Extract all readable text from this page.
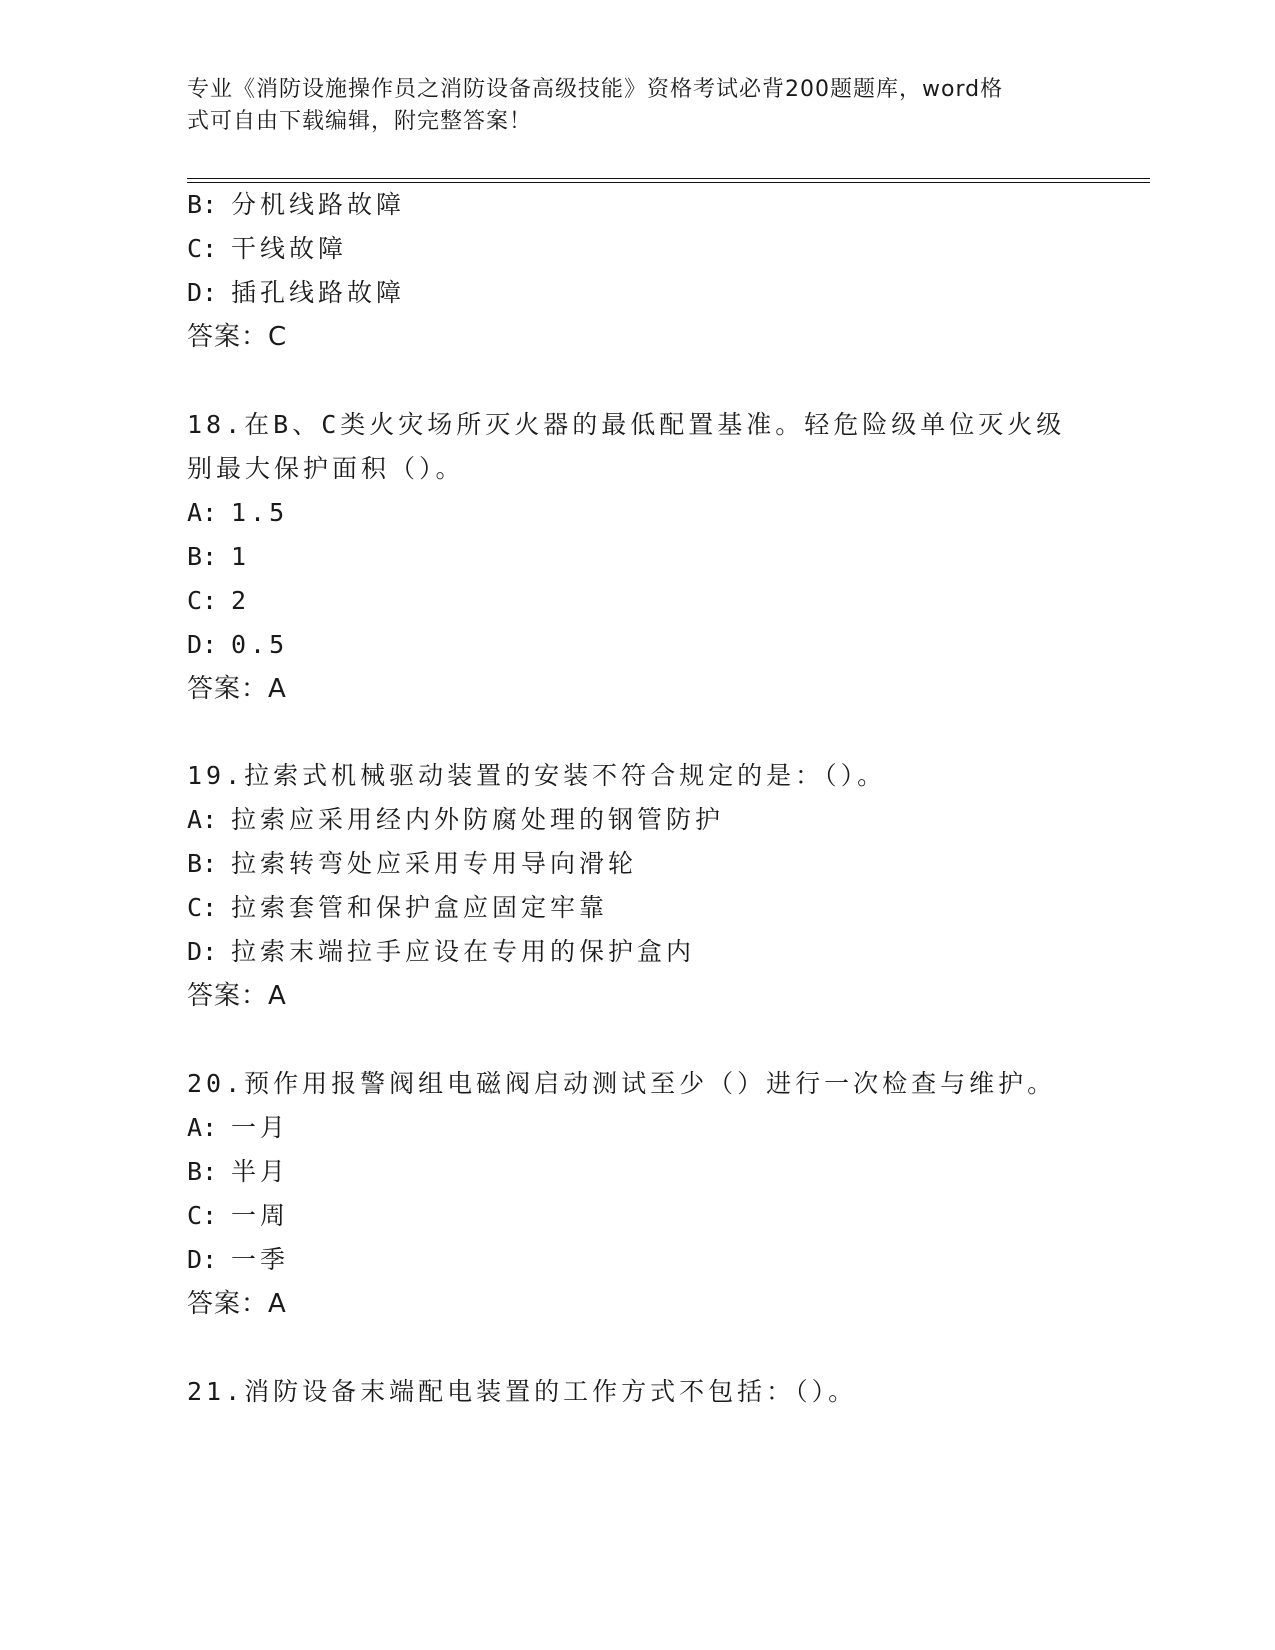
专业《消防设施操作员之消防设备高级技能》资格考试必背200题题库，word格
式可自由下载编辑，附完整答案！
B: 分机线路故障
C: 干线故障
D: 插孔线路故障
答案：C
18.在B、C类火灾场所灭火器的最低配置基准。轻危险级单位灭火级
别最大保护面积（）。
A: 1.5
B: 1
C: 2
D: 0.5
答案：A
19.拉索式机械驱动装置的安装不符合规定的是：（）。
A: 拉索应采用经内外防腐处理的钢管防护
B: 拉索转弯处应采用专用导向滑轮
C: 拉索套管和保护盒应固定牢靠
D: 拉索末端拉手应设在专用的保护盒内
答案：A
20.预作用报警阀组电磁阀启动测试至少（）进行一次检查与维护。
A: 一月
B: 半月
C: 一周
D: 一季
答案：A
21.消防设备末端配电装置的工作方式不包括：（）。
